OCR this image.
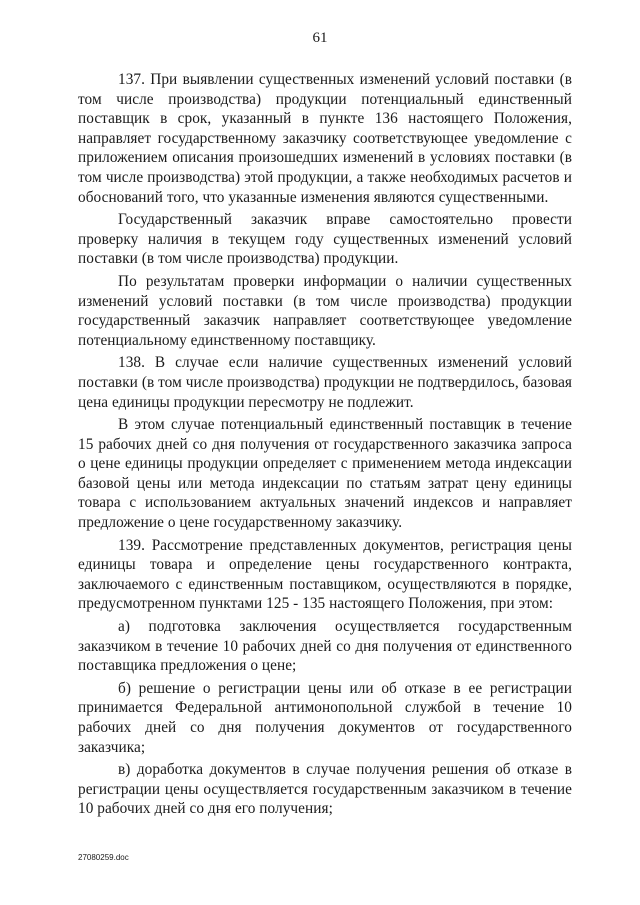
61

137. При выявлении существенных изменений условий поставки (в том числе производства) продукции потенциальный единственный поставщик в срок, указанный в пункте 136 настоящего Положения, направляет государственному заказчику соответствующее уведомление с приложением описания произошедших изменений в условиях поставки (в том числе производства) этой продукции, а также необходимых расчетов и обоснований того, что указанные изменения являются существенными.

Государственный заказчик вправе самостоятельно провести проверку наличия в текущем году существенных изменений условий поставки (в том числе производства) продукции.

По результатам проверки информации о наличии существенных изменений условий поставки (в том числе производства) продукции государственный заказчик направляет соответствующее уведомление потенциальному единственному поставщику.

138. В случае если наличие существенных изменений условий поставки (в том числе производства) продукции не подтвердилось, базовая цена единицы продукции пересмотру не подлежит.

В этом случае потенциальный единственный поставщик в течение 15 рабочих дней со дня получения от государственного заказчика запроса о цене единицы продукции определяет с применением метода индексации базовой цены или метода индексации по статьям затрат цену единицы товара с использованием актуальных значений индексов и направляет предложение о цене государственному заказчику.

139. Рассмотрение представленных документов, регистрация цены единицы товара и определение цены государственного контракта, заключаемого с единственным поставщиком, осуществляются в порядке, предусмотренном пунктами 125 - 135 настоящего Положения, при этом:

а) подготовка заключения осуществляется государственным заказчиком в течение 10 рабочих дней со дня получения от единственного поставщика предложения о цене;

б) решение о регистрации цены или об отказе в ее регистрации принимается Федеральной антимонопольной службой в течение 10 рабочих дней со дня получения документов от государственного заказчика;

в) доработка документов в случае получения решения об отказе в регистрации цены осуществляется государственным заказчиком в течение 10 рабочих дней со дня его получения;

27080259.doc
